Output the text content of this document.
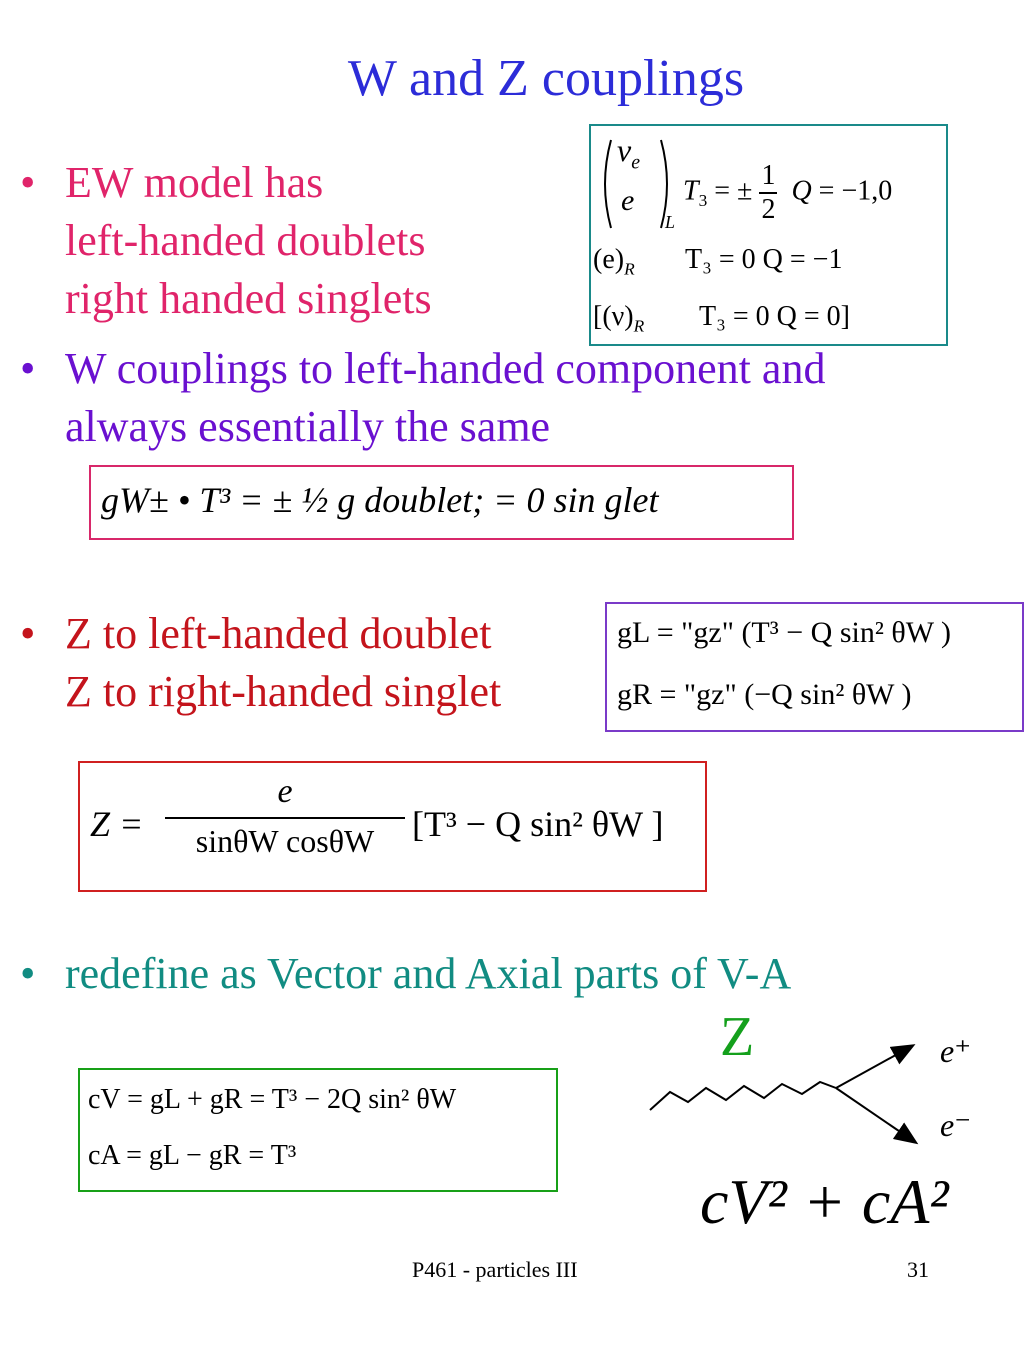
W and Z couplings
• EW model has
left-handed doublets
right handed singlets
$\nu_e$
e
L
$T_3$ = ± $\frac{1}{2}$ Q = −1,0
$(e)_R$ T₃ = 0 Q = −1
[$(\nu)_R$ T₃ = 0 Q = 0]
• W couplings to left-handed component and
always essentially the same
gW± • T³ = ± ½ g doublet; = 0 sin glet
• Z to left-handed doublet
Z to right-handed singlet
gL = "gz" (T³ − Q sin² θW )
gR = "gz" (−Q sin² θW )
$Z = \frac{e}{\text{sinθW cosθW}} [T^3 - Q$ sin² θW ]
• redefine as Vector and Axial parts of V-A
cV = gL + gR = T³ − 2Q sin² θW
cA = gL − gR = T³
Z	e⁺
e⁻
cV² + cA²
P461 - particles III	31
